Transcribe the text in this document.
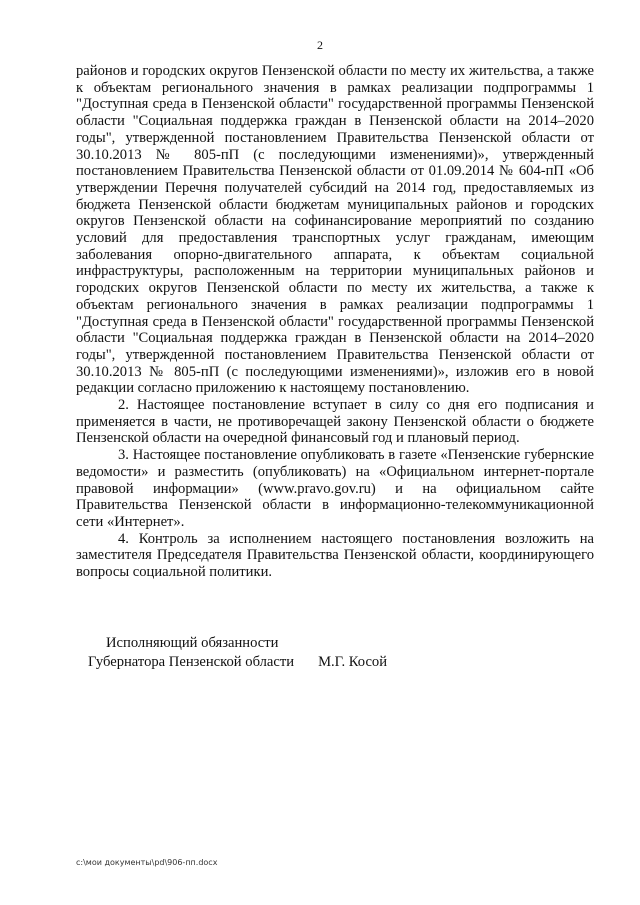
2

районов и городских округов Пензенской области по месту их жительства, а также к объектам регионального значения в рамках реализации подпрограммы 1 "Доступная среда в Пензенской области" государственной программы Пензенской области "Социальная поддержка граждан в Пензенской области на 2014–2020 годы", утвержденной постановлением Правительства Пензенской области от 30.10.2013 № 805-пП (с последующими изменениями)», утвержденный постановлением Правительства Пензенской области от 01.09.2014 № 604-пП «Об утверждении Перечня получателей субсидий на 2014 год, предоставляемых из бюджета Пензенской области бюджетам муниципальных районов и городских округов Пензенской области на софинансирование мероприятий по созданию условий для предоставления транспортных услуг гражданам, имеющим заболевания опорно-двигательного аппарата, к объектам социальной инфраструктуры, расположенным на территории муниципальных районов и городских округов Пензенской области по месту их жительства, а также к объектам регионального значения в рамках реализации подпрограммы 1 "Доступная среда в Пензенской области" государственной программы Пензенской области "Социальная поддержка граждан в Пензенской области на 2014–2020 годы", утвержденной постановлением Правительства Пензенской области от 30.10.2013 № 805-пП (с последующими изменениями)», изложив его в новой редакции согласно приложению к настоящему постановлению.

2. Настоящее постановление вступает в силу со дня его подписания и применяется в части, не противоречащей закону Пензенской области о бюджете Пензенской области на очередной финансовый год и плановый период.

3. Настоящее постановление опубликовать в газете «Пензенские губернские ведомости» и разместить (опубликовать) на «Официальном интернет-портале правовой информации» (www.pravo.gov.ru) и на официальном сайте Правительства Пензенской области в информационно-телекоммуникационной сети «Интернет».

4. Контроль за исполнением настоящего постановления возложить на заместителя Председателя Правительства Пензенской области, координирующего вопросы социальной политики.

Исполняющий обязанности
Губернатора Пензенской области М.Г. Косой
c:\мои документы\pd\906-пп.docx
